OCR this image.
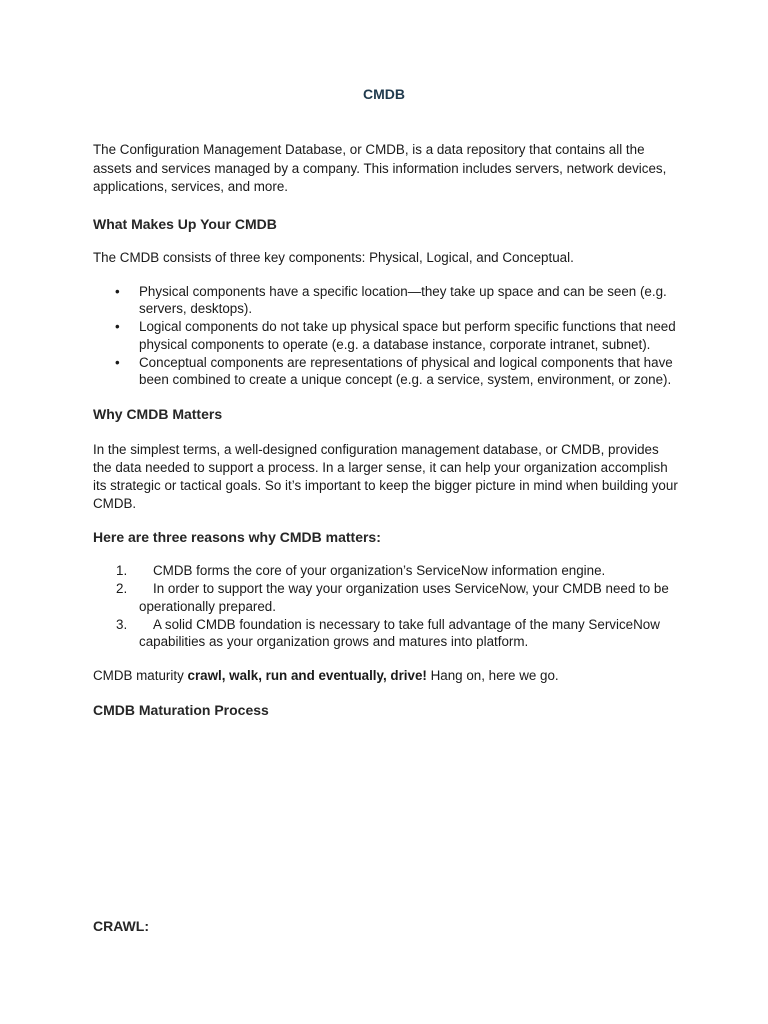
CMDB

The Configuration Management Database, or CMDB, is a data repository that contains all the assets and services managed by a company. This information includes servers, network devices, applications, services, and more.

What Makes Up Your CMDB

The CMDB consists of three key components: Physical, Logical, and Conceptual.

• Physical components have a specific location—they take up space and can be seen (e.g. servers, desktops).
• Logical components do not take up physical space but perform specific functions that need physical components to operate (e.g. a database instance, corporate intranet, subnet).
• Conceptual components are representations of physical and logical components that have been combined to create a unique concept (e.g. a service, system, environment, or zone).
Why CMDB Matters

In the simplest terms, a well-designed configuration management database, or CMDB, provides the data needed to support a process. In a larger sense, it can help your organization accomplish its strategic or tactical goals. So it’s important to keep the bigger picture in mind when building your CMDB.

Here are three reasons why CMDB matters:
1. CMDB forms the core of your organization’s ServiceNow information engine.
2. In order to support the way your organization uses ServiceNow, your CMDB need to be operationally prepared.
3. A solid CMDB foundation is necessary to take full advantage of the many ServiceNow capabilities as your organization grows and matures into platform.

CMDB maturity crawl, walk, run and eventually, drive! Hang on, here we go.

CMDB Maturation Process
CRAWL:
